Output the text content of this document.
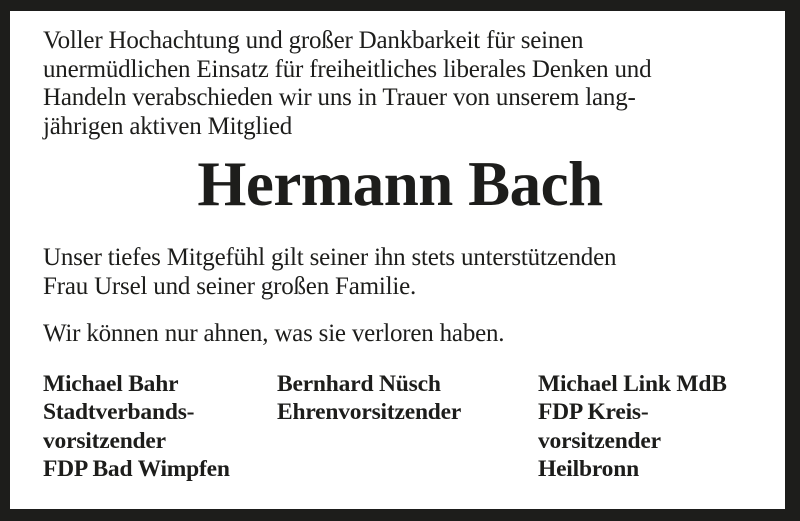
Voller Hochachtung und großer Dankbarkeit für seinen
unermüdlichen Einsatz für freiheitliches liberales Denken und
Handeln verabschieden wir uns in Trauer von unserem lang-
jährigen aktiven Mitglied
Hermann Bach
Unser tiefes Mitgefühl gilt seiner ihn stets unterstützenden
Frau Ursel und seiner großen Familie.
Wir können nur ahnen, was sie verloren haben.
Michael Bahr
Stadtverbands-
vorsitzender
FDP Bad Wimpfen
Bernhard Nüsch
Ehrenvorsitzender
Michael Link MdB
FDP Kreis-
vorsitzender
Heilbronn
